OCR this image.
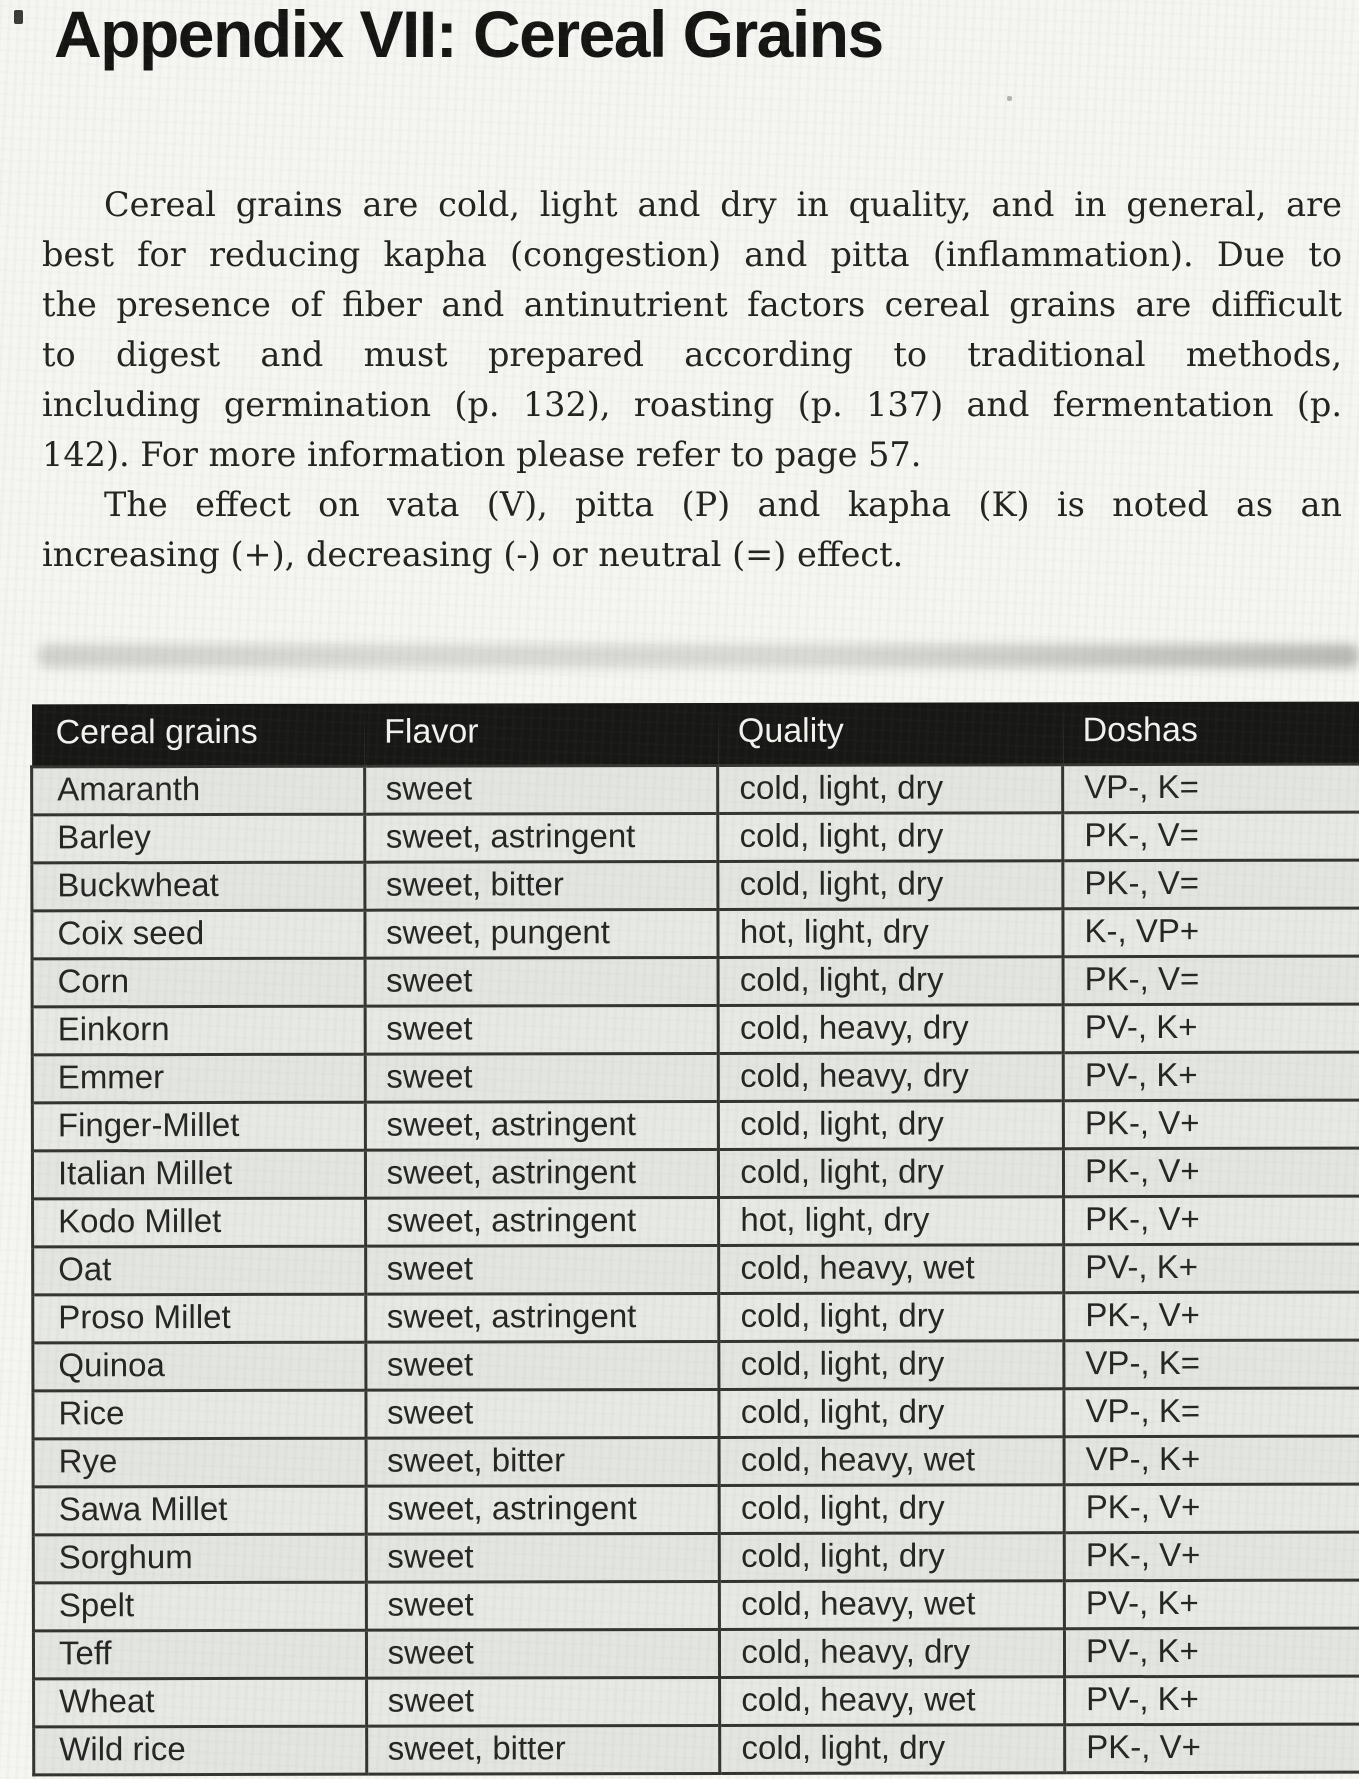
Appendix VII: Cereal Grains
Cereal grains are cold, light and dry in quality, and in general, are
best for reducing kapha (congestion) and pitta (inflammation). Due to
the presence of fiber and antinutrient factors cereal grains are difficult
to digest and must prepared according to traditional methods,
including germination (p. 132), roasting (p. 137) and fermentation (p.
142). For more information please refer to page 57.
The effect on vata (V), pitta (P) and kapha (K) is noted as an
increasing (+), decreasing (-) or neutral (=) effect.
Cereal grains	Flavor	Quality	Doshas
Amaranth	sweet	cold, light, dry	VP-, K=
Barley	sweet, astringent	cold, light, dry	PK-, V=
Buckwheat	sweet, bitter	cold, light, dry	PK-, V=
Coix seed	sweet, pungent	hot, light, dry	K-, VP+
Corn	sweet	cold, light, dry	PK-, V=
Einkorn	sweet	cold, heavy, dry	PV-, K+
Emmer	sweet	cold, heavy, dry	PV-, K+
Finger-Millet	sweet, astringent	cold, light, dry	PK-, V+
Italian Millet	sweet, astringent	cold, light, dry	PK-, V+
Kodo Millet	sweet, astringent	hot, light, dry	PK-, V+
Oat	sweet	cold, heavy, wet	PV-, K+
Proso Millet	sweet, astringent	cold, light, dry	PK-, V+
Quinoa	sweet	cold, light, dry	VP-, K=
Rice	sweet	cold, light, dry	VP-, K=
Rye	sweet, bitter	cold, heavy, wet	VP-, K+
Sawa Millet	sweet, astringent	cold, light, dry	PK-, V+
Sorghum	sweet	cold, light, dry	PK-, V+
Spelt	sweet	cold, heavy, wet	PV-, K+
Teff	sweet	cold, heavy, dry	PV-, K+
Wheat	sweet	cold, heavy, wet	PV-, K+
Wild rice	sweet, bitter	cold, light, dry	PK-, V+
